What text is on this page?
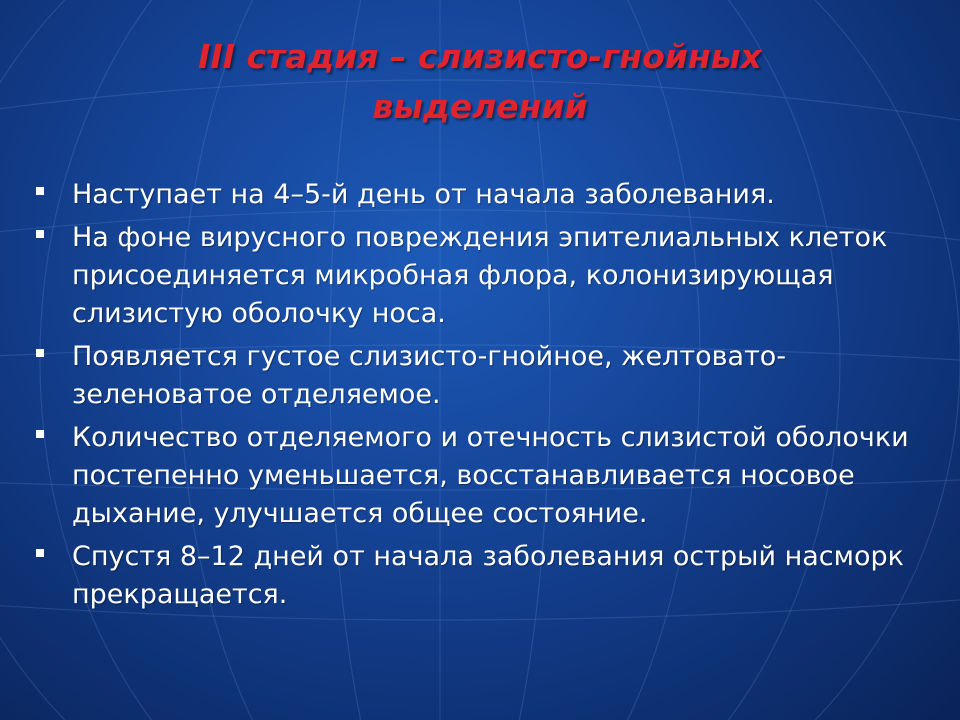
III стадия – слизисто-гнойных
выделений
Наступает на 4–5-й день от начала заболевания.
На фоне вирусного повреждения эпителиальных клеток присоединяется микробная флора, колонизирующая слизистую оболочку носа.
Появляется густое слизисто-гнойное, желтовато-зеленоватое отделяемое.
Количество отделяемого и отечность слизистой оболочки постепенно уменьшается, восстанавливается носовое дыхание, улучшается общее состояние.
Спустя 8–12 дней от начала заболевания острый насморк прекращается.
